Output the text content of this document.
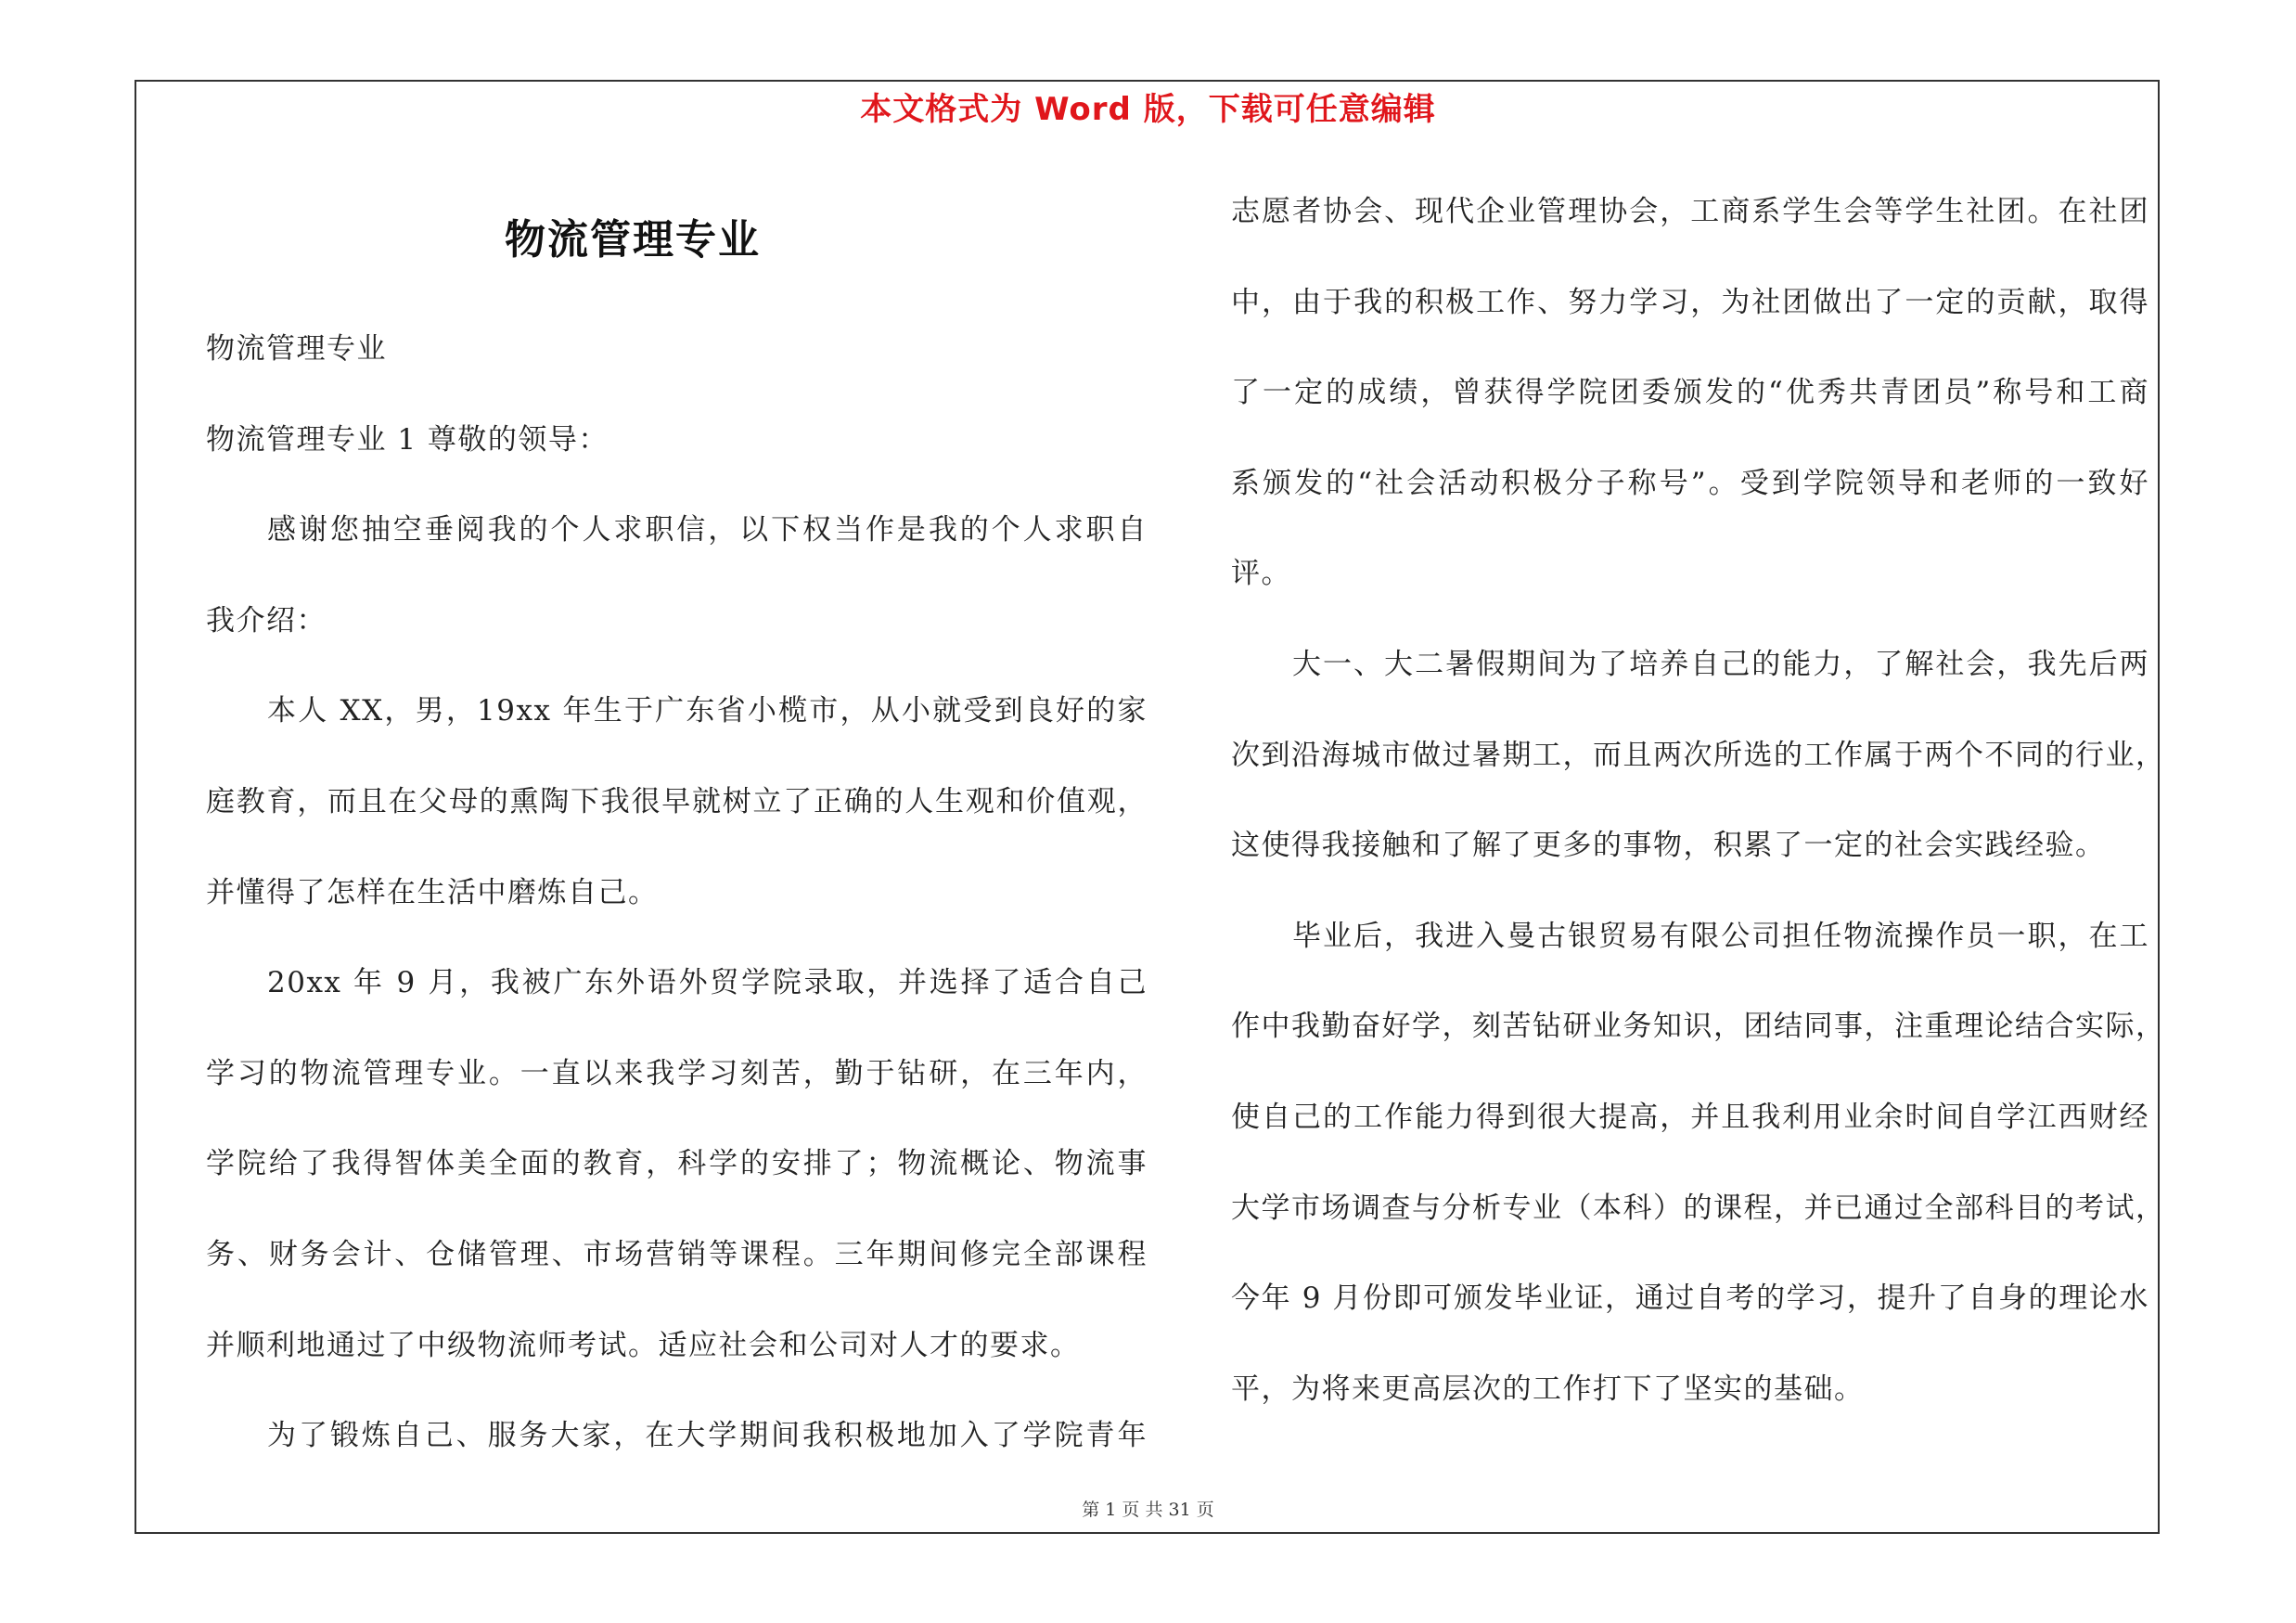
本文格式为 Word 版，下载可任意编辑
物流管理专业
物流管理专业
物流管理专业 1 尊敬的领导：
感谢您抽空垂阅我的个人求职信，以下权当作是我的个人求职自
我介绍：
本人 XX，男，19xx 年生于广东省小榄市，从小就受到良好的家
庭教育，而且在父母的熏陶下我很早就树立了正确的人生观和价值观，
并懂得了怎样在生活中磨炼自己。
20xx 年 9 月，我被广东外语外贸学院录取，并选择了适合自己
学习的物流管理专业。一直以来我学习刻苦，勤于钻研，在三年内，
学院给了我得智体美全面的教育，科学的安排了；物流概论、物流事
务、财务会计、仓储管理、市场营销等课程。三年期间修完全部课程
并顺利地通过了中级物流师考试。适应社会和公司对人才的要求。
为了锻炼自己、服务大家，在大学期间我积极地加入了学院青年
志愿者协会、现代企业管理协会，工商系学生会等学生社团。在社团
中，由于我的积极工作、努力学习，为社团做出了一定的贡献，取得
了一定的成绩，曾获得学院团委颁发的“优秀共青团员”称号和工商
系颁发的“社会活动积极分子称号”。受到学院领导和老师的一致好
评。
大一、大二暑假期间为了培养自己的能力，了解社会，我先后两
次到沿海城市做过暑期工，而且两次所选的工作属于两个不同的行业，
这使得我接触和了解了更多的事物，积累了一定的社会实践经验。
毕业后，我进入曼古银贸易有限公司担任物流操作员一职，在工
作中我勤奋好学，刻苦钻研业务知识，团结同事，注重理论结合实际，
使自己的工作能力得到很大提高，并且我利用业余时间自学江西财经
大学市场调查与分析专业（本科）的课程，并已通过全部科目的考试，
今年 9 月份即可颁发毕业证，通过自考的学习，提升了自身的理论水
平，为将来更高层次的工作打下了坚实的基础。
第 1 页 共 31 页
